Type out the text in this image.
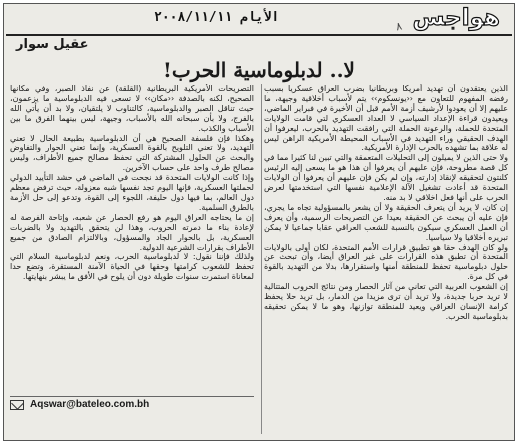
هواجس
الأيام ٢٠٠٨/١١/١١
٨
عقيل سوار
لا.. لدبلوماسية الحرب!

الذين يعتقدون أن تهديد أمريكا وبريطانيا بضرب العراق عسكريا بسبب رفضه المفهوم للتعاون مع ‹‹يونسكوم›› يتم لأسباب أخلاقية وجيهة، ما عليهم إلا أن يعودوا لأرشيف أزمة الأمم قبل أن الأخيرة في فبراير الماضي، ويعيدون قراءة الإعداد السياسي لا العداد العسكري لتي قامت الولايات المتحدة للحملة، والرعونة الحملة التي رافقت التهديد بالحرب، ليعرفوا أن الهدف الحقيقي وراء التهديد في الأسباب المحيطة الأمريكية الراهن ليس له علاقة بما تشهده بالحرب الإدارة الأمريكية.

ولا حتى الذين لا يميلون إلى التحليلات المتعمقة والتي تبين لنا كثيرا مما في كل قصة مطروحة، فإن عليهم أن يعرفوا أن هذا هو ما يسعى إليه الرئيس كلنتون لتحقيقه لإنقاذ إدارته، وإن لم يكن فإن عليهم أن يعرفوا أن الولايات المتحدة قد أعادت تشغيل الآلة الإعلامية نفسها التي استخدمتها لعرض الحرب على أنها فعل اخلاقي لا بد منه.

إن كان، لا يريد أن يتعرف الحقيقة ولا أن يشعر بالمسؤولية تجاه ما يجري، فإن عليه أن يبحث عن الحقيقة بعيدا عن التصريحات الرسمية، وأن يعرف أن العمل العسكري سيكون بالنسبة للشعب العراقي عقابا جماعيا لا يمكن تبريره أخلاقيا ولا سياسيا.

ولو كان الهدف حقا هو تطبيق قرارات الأمم المتحدة، لكان أولى بالولايات المتحدة أن تطبق هذه القرارات على غير العراق أيضا، وأن تبحث عن حلول دبلوماسية تحفظ للمنطقة أمنها واستقرارها، بدلا من التهديد بالقوة في كل مرة.

إن الشعوب العربية التي تعاني من آثار الحصار ومن نتائج الحروب المتتالية لا تريد حربا جديدة، ولا تريد أن ترى مزيدا من الدمار، بل تريد حلا يحفظ كرامة الإنسان العراقي ويعيد للمنطقة توازنها، وهو ما لا يمكن تحقيقه بدبلوماسية الحرب.

التصريحات الأمريكية البريطانية (القلقة) عن نفاذ الصبر، وفي مكانها الصحيح، لكنه بالصدفة ‹‹مكان›› لا تسعى فيه الدبلوماسية ما يزعمون، حيث تناقل الصبر والدبلوماسية، كالتناوب لا يلتقيان، ولا بد أن يأتي الله بالفرج، ولا بأن سبحانه الله بالأسباب، وجيهة، ليس بينهما الفرق ما بين الأسباب والكذب.

وهكذا فإن فلسفة الصحيح هي أن الدبلوماسية بطبيعة الحال لا تعني التهديد، ولا تعني التلويح بالقوة العسكرية، وإنما تعني الحوار والتفاوض والبحث عن الحلول المشتركة التي تحفظ مصالح جميع الأطراف، وليس مصالح طرف واحد على حساب الآخرين.

وإذا كانت الولايات المتحدة قد نجحت في الماضي في حشد التأييد الدولي لحملتها العسكرية، فإنها اليوم تجد نفسها شبه معزولة، حيث ترفض معظم دول العالم، بما فيها دول حليفة، اللجوء إلى القوة، وتدعو إلى حل الأزمة بالطرق السلمية.

إن ما يحتاجه العراق اليوم هو رفع الحصار عن شعبه، وإتاحة الفرصة له لإعادة بناء ما دمرته الحروب، وهذا لن يتحقق بالتهديد ولا بالضربات العسكرية، بل بالحوار الجاد والمسؤول، وبالالتزام الصادق من جميع الأطراف بقرارات الشرعية الدولية.

ولذلك فإننا نقول: لا لدبلوماسية الحرب، ونعم لدبلوماسية السلام التي تحفظ للشعوب كرامتها وحقها في الحياة الآمنة المستقرة، وتضع حدا لمعاناة استمرت سنوات طويلة دون أن يلوح في الأفق ما يبشر بنهايتها.

Aqswar@bateleo.com.bh
